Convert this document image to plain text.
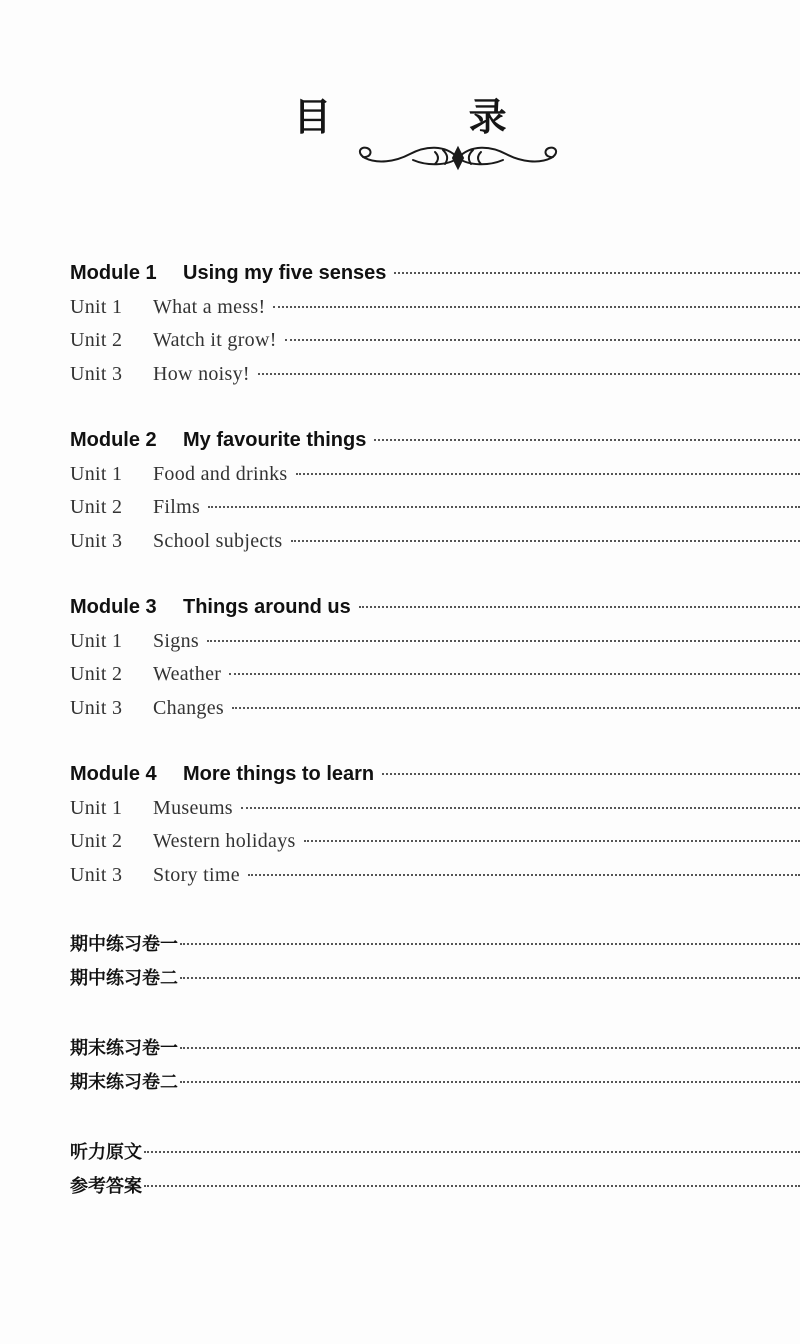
目 录
Module 1	Using my five senses
Unit 1	What a mess!
Unit 2	Watch it grow!
Unit 3	How noisy!
Module 2	My favourite things
Unit 1	Food and drinks
Unit 2	Films
Unit 3	School subjects
Module 3	Things around us
Unit 1	Signs
Unit 2	Weather
Unit 3	Changes
Module 4	More things to learn
Unit 1	Museums
Unit 2	Western holidays
Unit 3	Story time
期中练习卷一
期中练习卷二
期末练习卷一
期末练习卷二
听力原文
参考答案
